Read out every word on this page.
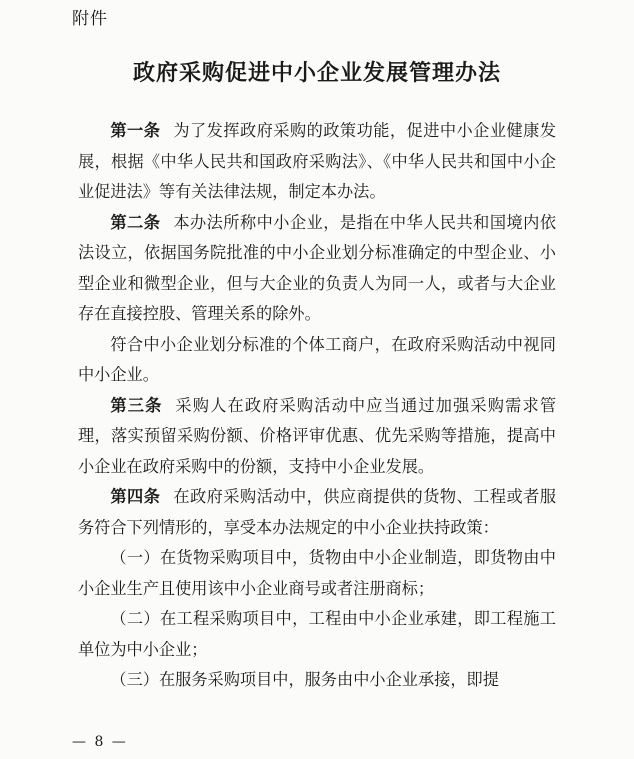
附件
政府采购促进中小企业发展管理办法

第一条 为了发挥政府采购的政策功能，促进中小企业健康发展，根据《中华人民共和国政府采购法》、《中华人民共和国中小企业促进法》等有关法律法规，制定本办法。

第二条 本办法所称中小企业，是指在中华人民共和国境内依法设立，依据国务院批准的中小企业划分标准确定的中型企业、小型企业和微型企业，但与大企业的负责人为同一人，或者与大企业存在直接控股、管理关系的除外。

符合中小企业划分标准的个体工商户，在政府采购活动中视同中小企业。

第三条 采购人在政府采购活动中应当通过加强采购需求管理，落实预留采购份额、价格评审优惠、优先采购等措施，提高中小企业在政府采购中的份额，支持中小企业发展。

第四条 在政府采购活动中，供应商提供的货物、工程或者服务符合下列情形的，享受本办法规定的中小企业扶持政策：

（一）在货物采购项目中，货物由中小企业制造，即货物由中小企业生产且使用该中小企业商号或者注册商标；

（二）在工程采购项目中，工程由中小企业承建，即工程施工单位为中小企业；

（三）在服务采购项目中，服务由中小企业承接，即提

— 8 —
